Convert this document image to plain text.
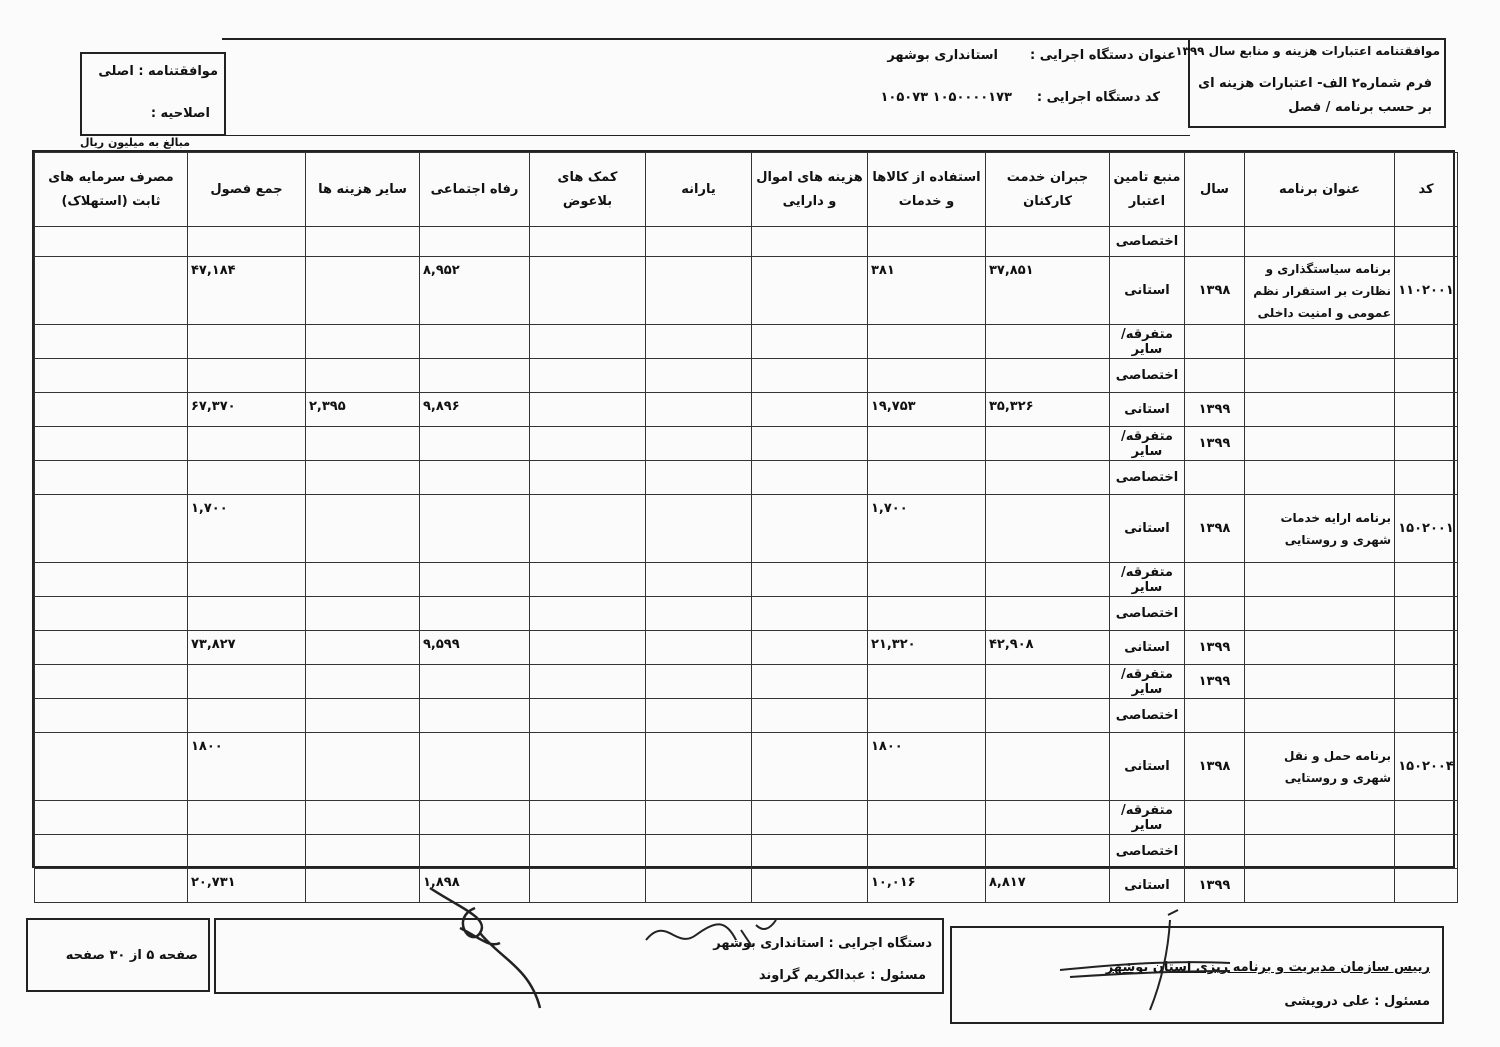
موافقتنامه اعتبارات هزینه و منابع سال ۱۳۹۹
فرم شماره۲ الف- اعتبارات هزینه ای
بر حسب برنامه / فصل
عنوان دستگاه اجرایی :
استانداری بوشهر
کد دستگاه اجرایی :
۱۰۵۰۰۰۰۱۷۳ ۱۰۵۰۷۳
موافقتنامه : اصلی
اصلاحیه :
مبالغ به میلیون ریال
کد	عنوان برنامه	سال	منبع تامین اعتبار	جبران خدمت کارکنان	استفاده از کالاها و خدمات	هزینه های اموال و دارایی	یارانه	کمک های بلاعوض	رفاه اجتماعی	سایر هزینه ها	جمع فصول	مصرف سرمایه های ثابت (استهلاک)
			اختصاصی									
۱۱۰۲۰۰۱	برنامه سیاستگذاری و نظارت بر استقرار نظم عمومی و امنیت داخلی	۱۳۹۸	استانی	۳۷,۸۵۱	۳۸۱				۸,۹۵۲		۴۷,۱۸۴	
			متفرقه/سایر									
			اختصاصی									
		۱۳۹۹	استانی	۳۵,۳۲۶	۱۹,۷۵۳				۹,۸۹۶	۲,۳۹۵	۶۷,۳۷۰	
		۱۳۹۹	متفرقه/سایر									
			اختصاصی									
۱۵۰۲۰۰۱	برنامه ارایه خدمات شهری و روستایی	۱۳۹۸	استانی		۱,۷۰۰						۱,۷۰۰	
			متفرقه/سایر									
			اختصاصی									
		۱۳۹۹	استانی	۴۲,۹۰۸	۲۱,۳۲۰				۹,۵۹۹		۷۳,۸۲۷	
		۱۳۹۹	متفرقه/سایر									
			اختصاصی									
۱۵۰۲۰۰۴	برنامه حمل و نقل شهری و روستایی	۱۳۹۸	استانی		۱۸۰۰						۱۸۰۰	
			متفرقه/سایر									
			اختصاصی									
		۱۳۹۹	استانی	۸,۸۱۷	۱۰,۰۱۶				۱,۸۹۸		۲۰,۷۳۱	
صفحه ۵ از ۳۰ صفحه
دستگاه اجرایی : استانداری بوشهر
مسئول : عبدالکریم گراوند
رییس سازمان مدیریت و برنامه ریزی استان بوشهر
مسئول : علی درویشی
